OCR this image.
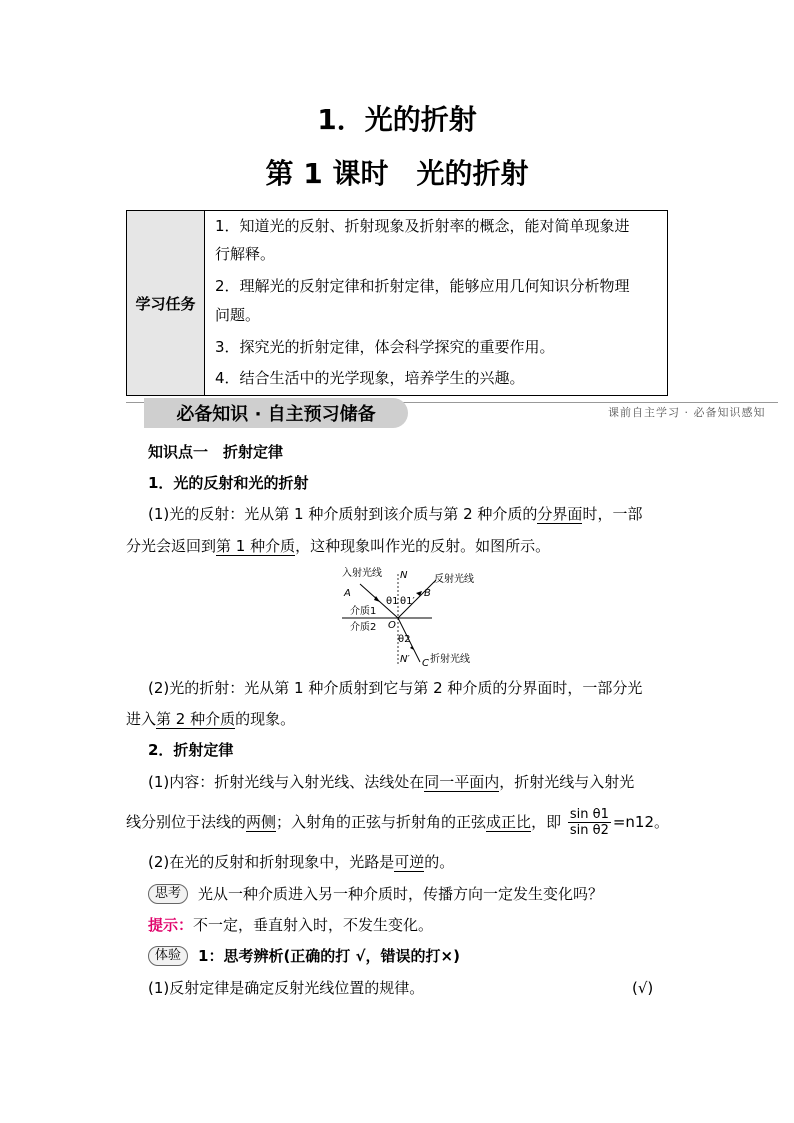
1．光的折射
第 1 课时　光的折射
学习任务
1．知道光的反射、折射现象及折射率的概念，能对简单现象进
行解释。
2．理解光的反射定律和折射定律，能够应用几何知识分析物理
问题。
3．探究光的折射定律，体会科学探究的重要作用。
4．结合生活中的光学现象，培养学生的兴趣。
必备知识 · 自主预习储备	课前自主学习 · 必备知识感知
知识点一　折射定律
1．光的反射和光的折射
(1)光的反射：光从第 1 种介质射到该介质与第 2 种介质的分界面时，一部
分光会返回到第 1 种介质，这种现象叫作光的反射。如图所示。
入射光线
反射光线
折射光线
介质1
介质2
A	B
C
N
N′
O
θ1 θ1′
θ2
(2)光的折射：光从第 1 种介质射到它与第 2 种介质的分界面时，一部分光
进入第 2 种介质的现象。
2．折射定律
(1)内容：折射光线与入射光线、法线处在同一平面内，折射光线与入射光
线分别位于法线的两侧；入射角的正弦与折射角的正弦成正比，即 $\frac{\text{sin θ1}}{\text{sin θ2}} =n12$。
(2)在光的反射和折射现象中，光路是可逆的。
思考 光从一种介质进入另一种介质时，传播方向一定发生变化吗？
提示：不一定，垂直射入时，不发生变化。
体验 1：思考辨析(正确的打 √，错误的打×)
(1)反射定律是确定反射光线位置的规律。	(√)
